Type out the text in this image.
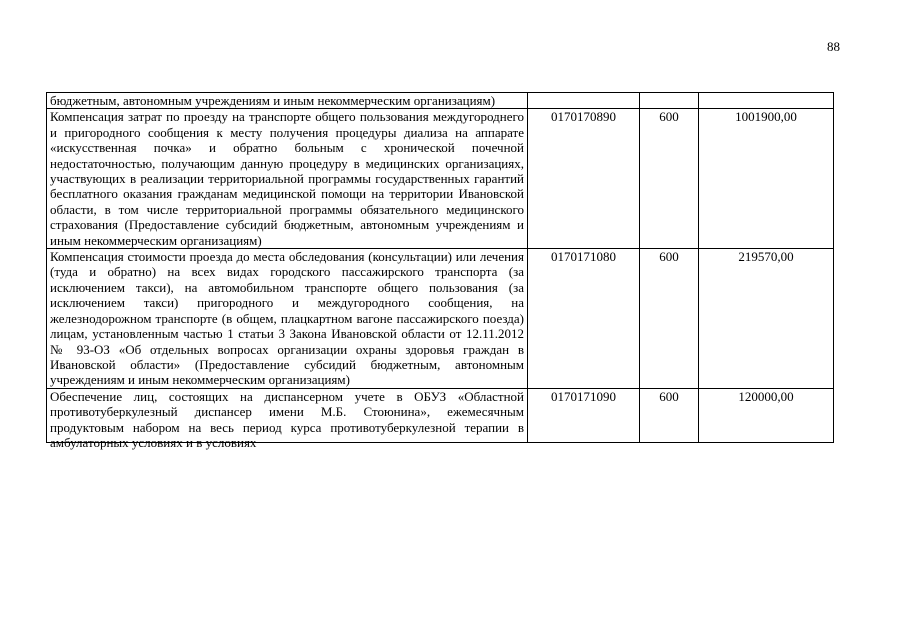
88
бюджетным, автономным учреждениям и иным некоммерческим организациям)			

Компенсация затрат по проезду на транспорте общего пользования междугороднего и пригородного сообщения к месту получения процедуры диализа на аппарате «искусственная почка» и обратно больным с хронической почечной недостаточностью, получающим данную процедуру в медицинских организациях, участвующих в реализации территориальной программы государственных гарантий бесплатного оказания гражданам медицинской помощи на территории Ивановской области, в том числе территориальной программы обязательного медицинского страхования (Предоставление субсидий бюджетным, автономным учреждениям и иным некоммерческим организациям)	0170170890	600	1001900,00

Компенсация стоимости проезда до места обследования (консультации) или лечения (туда и обратно) на всех видах городского пассажирского транспорта (за исключением такси), на автомобильном транспорте общего пользования (за исключением такси) пригородного и междугородного сообщения, на железнодорожном транспорте (в общем, плацкартном вагоне пассажирского поезда) лицам, установленным частью 1 статьи 3 Закона Ивановской области от 12.11.2012 № 93-ОЗ «Об отдельных вопросах организации охраны здоровья граждан в Ивановской области» (Предоставление субсидий бюджетным, автономным учреждениям и иным некоммерческим организациям)	0170171080	600	219570,00

Обеспечение лиц, состоящих на диспансерном учете в ОБУЗ «Областной противотуберкулезный диспансер имени М.Б. Стоюнина», ежемесячным продуктовым набором на весь период курса противотуберкулезной терапии в амбулаторных условиях и в условиях	0170171090	600	120000,00
